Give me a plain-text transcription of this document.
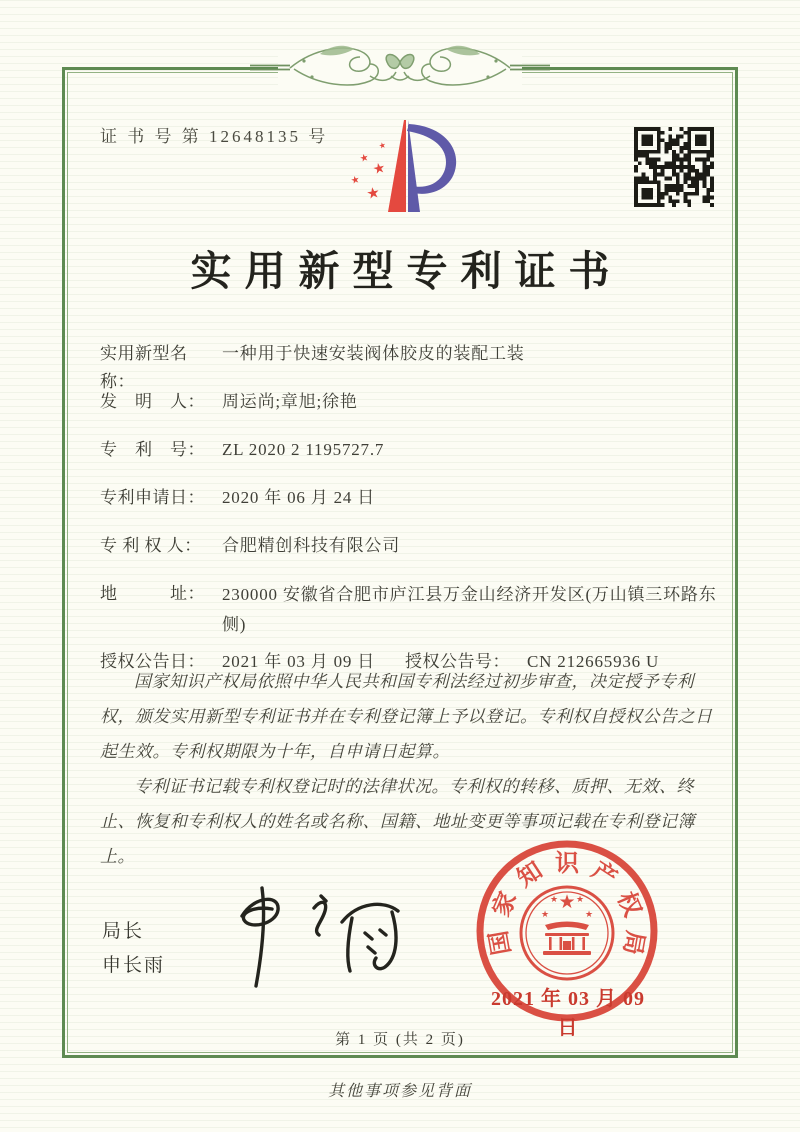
证 书 号 第 12648135 号	★
★
★
★
★
实用新型专利证书
实用新型名称：
一种用于快速安装阀体胶皮的装配工装
发　明　人：	周运尚;章旭;徐艳
专　利　号：	ZL 2020 2 1195727.7
专利申请日：	2020 年 06 月 24 日
专 利 权 人：	合肥精创科技有限公司
地　　　址：	230000 安徽省合肥市庐江县万金山经济开发区(万山镇三环路东侧)
授权公告日：	2021 年 03 月 09 日	授权公告号：	CN 212665936 U

国家知识产权局依照中华人民共和国专利法经过初步审查，决定授予专利权，颁发实用新型专利证书并在专利登记簿上予以登记。专利权自授权公告之日起生效。专利权期限为十年，自申请日起算。

专利证书记载专利权登记时的法律状况。专利权的转移、质押、无效、终止、恢复和专利权人的姓名或名称、国籍、地址变更等事项记载在专利登记簿上。

局长
申长雨
★
★
★ ★
★
国
家
知 识 产
权
局
2021 年 03 月 09 日
第 1 页 (共 2 页)
其他事项参见背面
